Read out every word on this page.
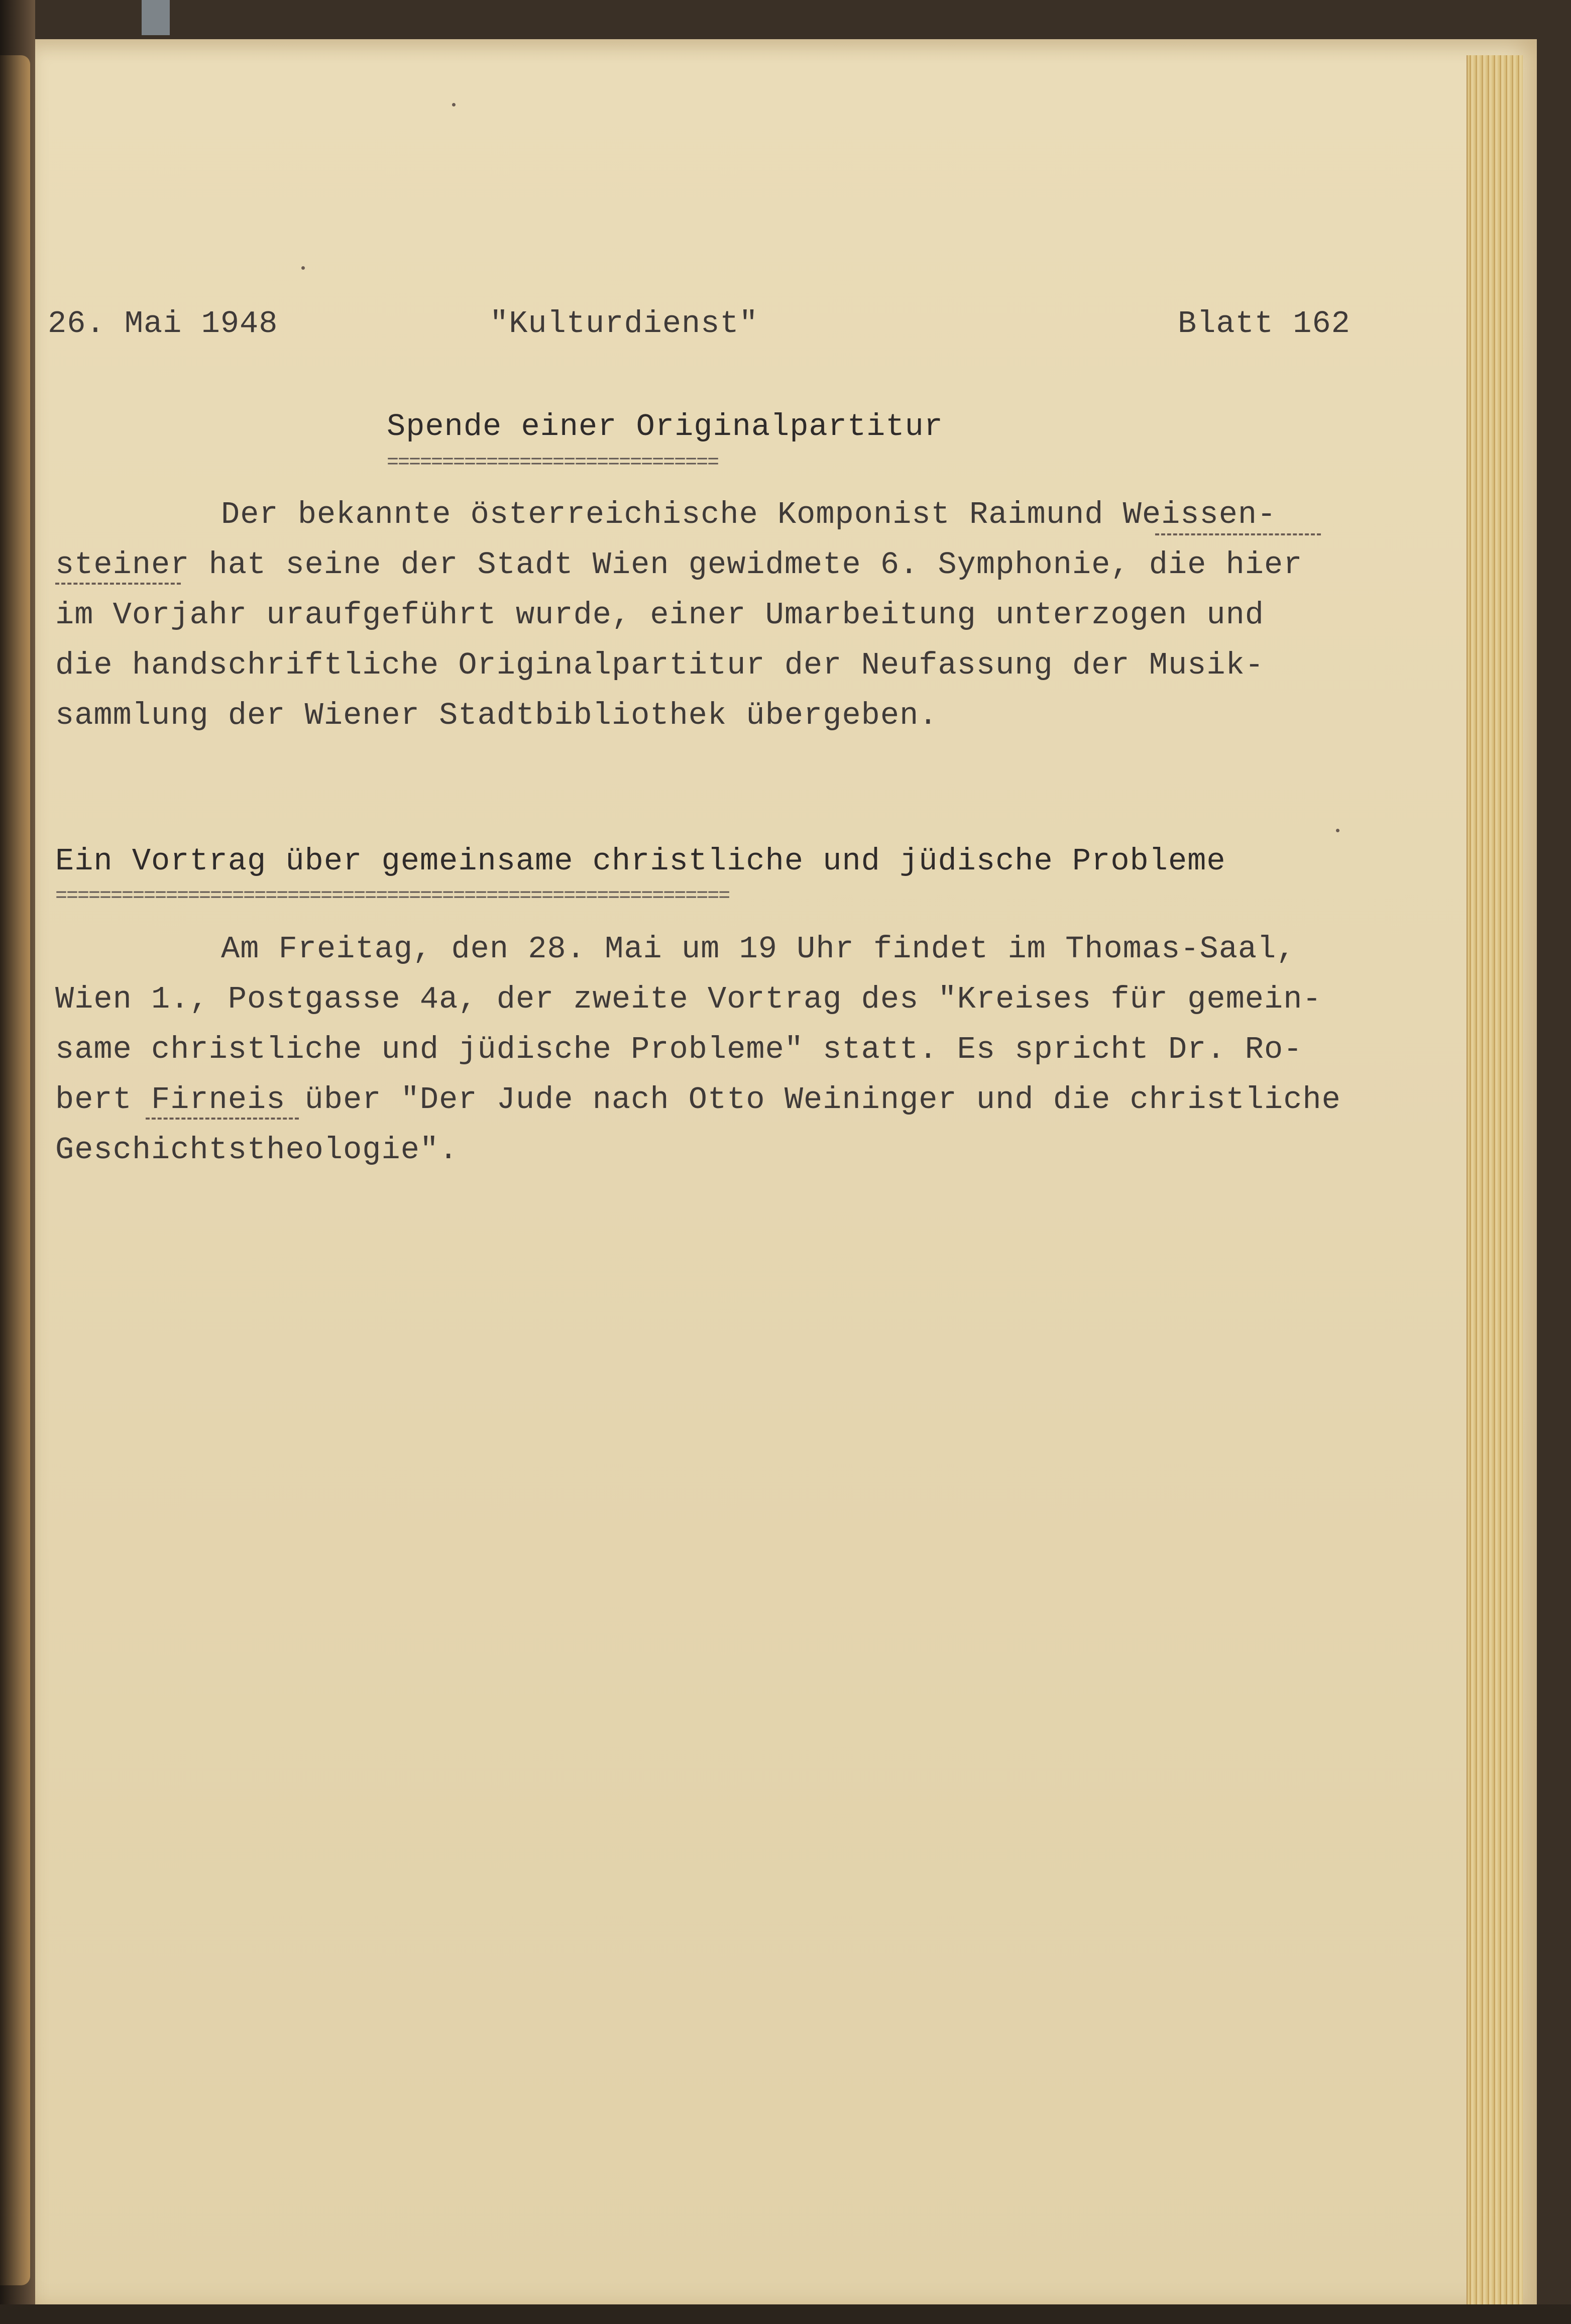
26. Mai 1948	"Kulturdienst"	Blatt 162

Spende einer Originalpartitur

==============================

Der bekannte österreichische Komponist Raimund Weissen-

steiner hat seine der Stadt Wien gewidmete 6. Symphonie, die hier

im Vorjahr uraufgeführt wurde, einer Umarbeitung unterzogen und

die handschriftliche Originalpartitur der Neufassung der Musik-

sammlung der Wiener Stadtbibliothek übergeben.

Ein Vortrag über gemeinsame christliche und jüdische Probleme

=============================================================

Am Freitag, den 28. Mai um 19 Uhr findet im Thomas-Saal,

Wien 1., Postgasse 4a, der zweite Vortrag des "Kreises für gemein-

same christliche und jüdische Probleme" statt. Es spricht Dr. Ro-

bert Firneis über "Der Jude nach Otto Weininger und die christliche

Geschichtstheologie".
